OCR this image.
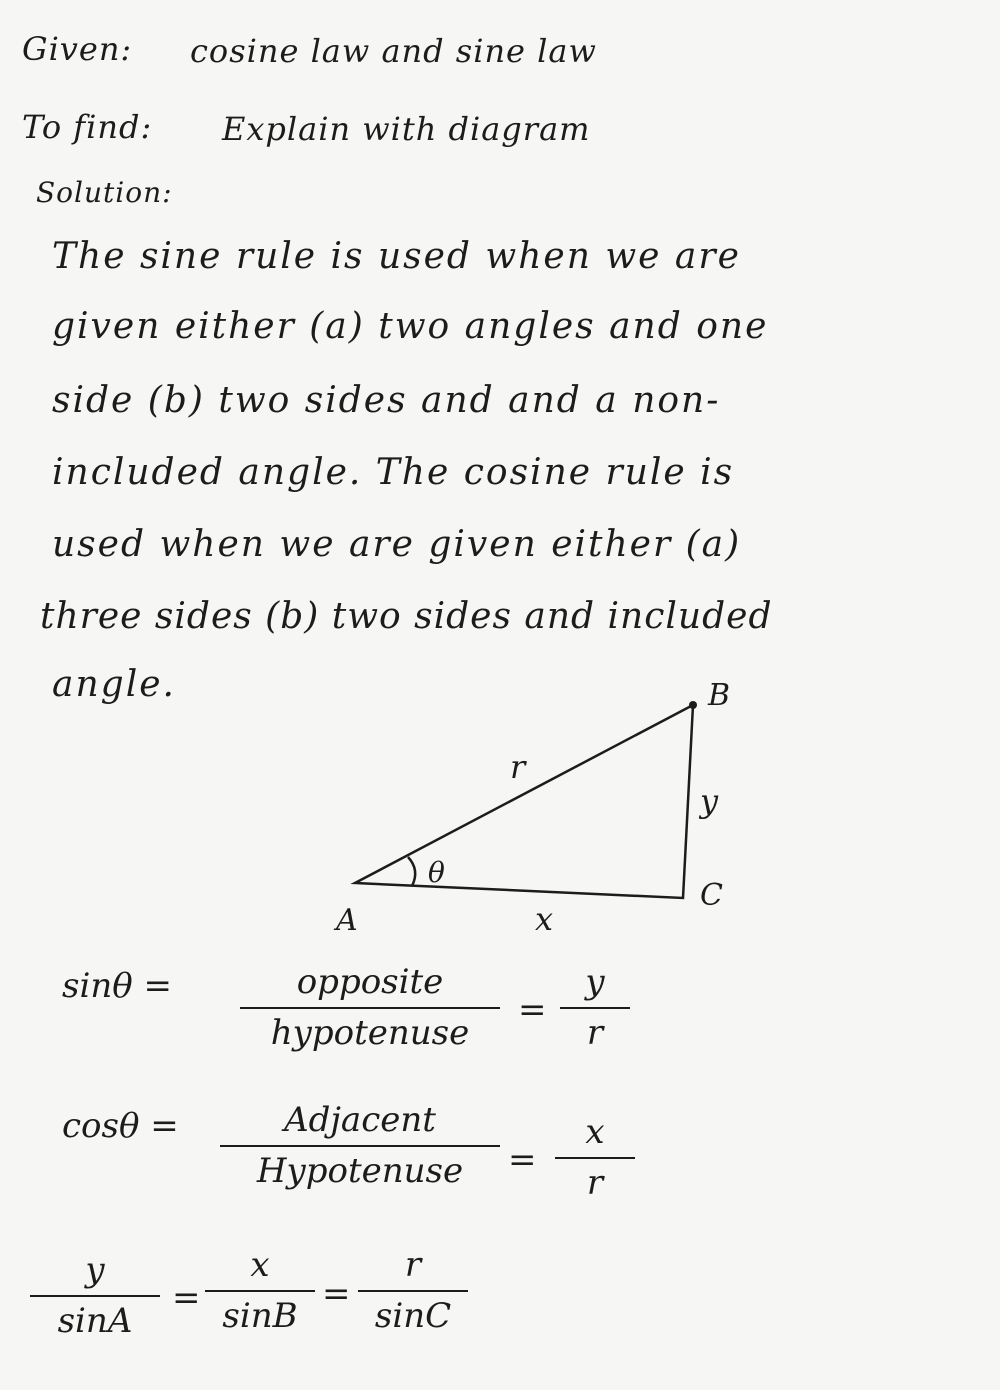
Given: cosine law and sine law
To find: Explain with diagram
Solution:
The sine rule is used when we are
given either (a) two angles and one
side (b) two sides and and a non-
included angle. The cosine rule is
used when we are given either (a)
three sides (b) two sides and included
angle.	B
A
C
r
y
x
θ
sinθ =	opposite
hypotenuse
=
y
r
cosθ =	Adjacent
Hypotenuse	=
x
r
y
sinA
=
x
sinB
=
r
sinC
